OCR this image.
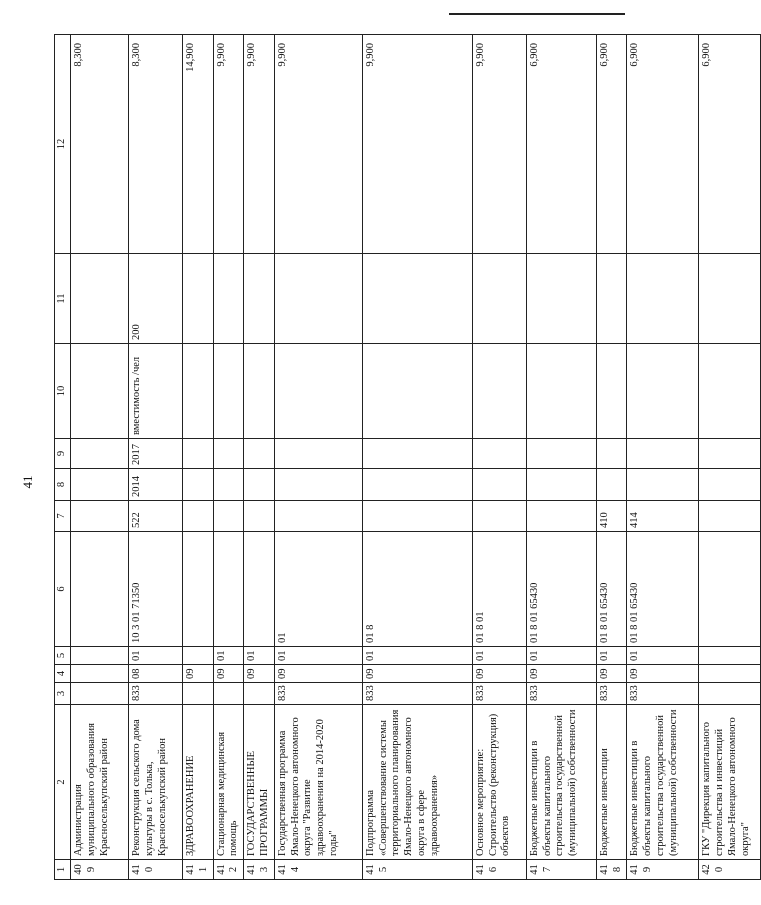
41
1	2	3	4	5	6	7	8	9	10	11	12
409	Администрация муниципального образования Красноселькупский район										8,300
410	Реконструкция сельского дома культуры в с. Толька, Красноселькупский район	833	08	01	10 3 01 71350	522	2014	2017	вместимость /чел	200	8,300
411	ЗДРАВООХРАНЕНИЕ		09								14,900
412	Стационарная медицинская помощь		09	01							9,900
413	ГОСУДАРСТВЕННЫЕ ПРОГРАММЫ		09	01							9,900
414	Государственная программа Ямало-Ненецкого автономного округа "Развитие здравоохранения на 2014-2020 годы"	833	09	01	01						9,900
415	Подпрограмма «Совершенствование системы территориального планирования Ямало-Ненецкого автономного округа в сфере здравоохранения»	833	09	01	01 8						9,900
416	Основное мероприятие: Строительство (реконструкция) объектов	833	09	01	01 8 01						9,900
417	Бюджетные инвестиции в объекты капитального строительства государственной (муниципальной) собственности	833	09	01	01 8 01 65430						6,900
418	Бюджетные инвестиции	833	09	01	01 8 01 65430	410					6,900
419	Бюджетные инвестиции в объекты капитального строительства государственной (муниципальной) собственности	833	09	01	01 8 01 65430	414					6,900
420	ГКУ "Дирекция капитального строительства и инвестиций Ямало-Ненецкого автономного округа"										6,900
